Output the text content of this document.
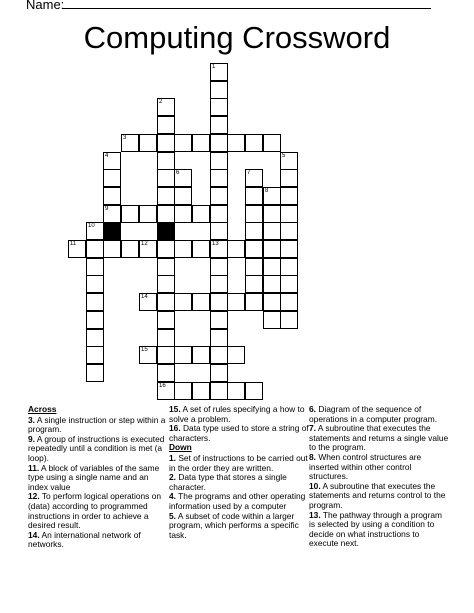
Name:
Computing Crossword
1
13
2
16
3
4
9
5
6	7
8
10
11	12
14
15
Across
3. A single instruction or step within a program.
9. A group of instructions is executed repeatedly until a condition is met (a loop).
11. A block of variables of the same type using a single name and an index value
12. To perform logical operations on (data) according to programmed instructions in order to achieve a desired result.
14. An international network of networks.
15. A set of rules specifying a how to solve a problem.
16. Data type used to store a string of characters.
Down
1. Set of instructions to be carried out in the order they are written.
2. Data type that stores a single character.
4. The programs and other operating information used by a computer
5. A subset of code within a larger program, which performs a specific task.
6. Diagram of the sequence of operations in a computer program.
7. A subroutine that executes the statements and returns a single value to the program.
8. When control structures are inserted within other control structures.
10. A subroutine that executes the statements and returns control to the program.
13. The pathway through a program is selected by using a condition to decide on what instructions to execute next.
